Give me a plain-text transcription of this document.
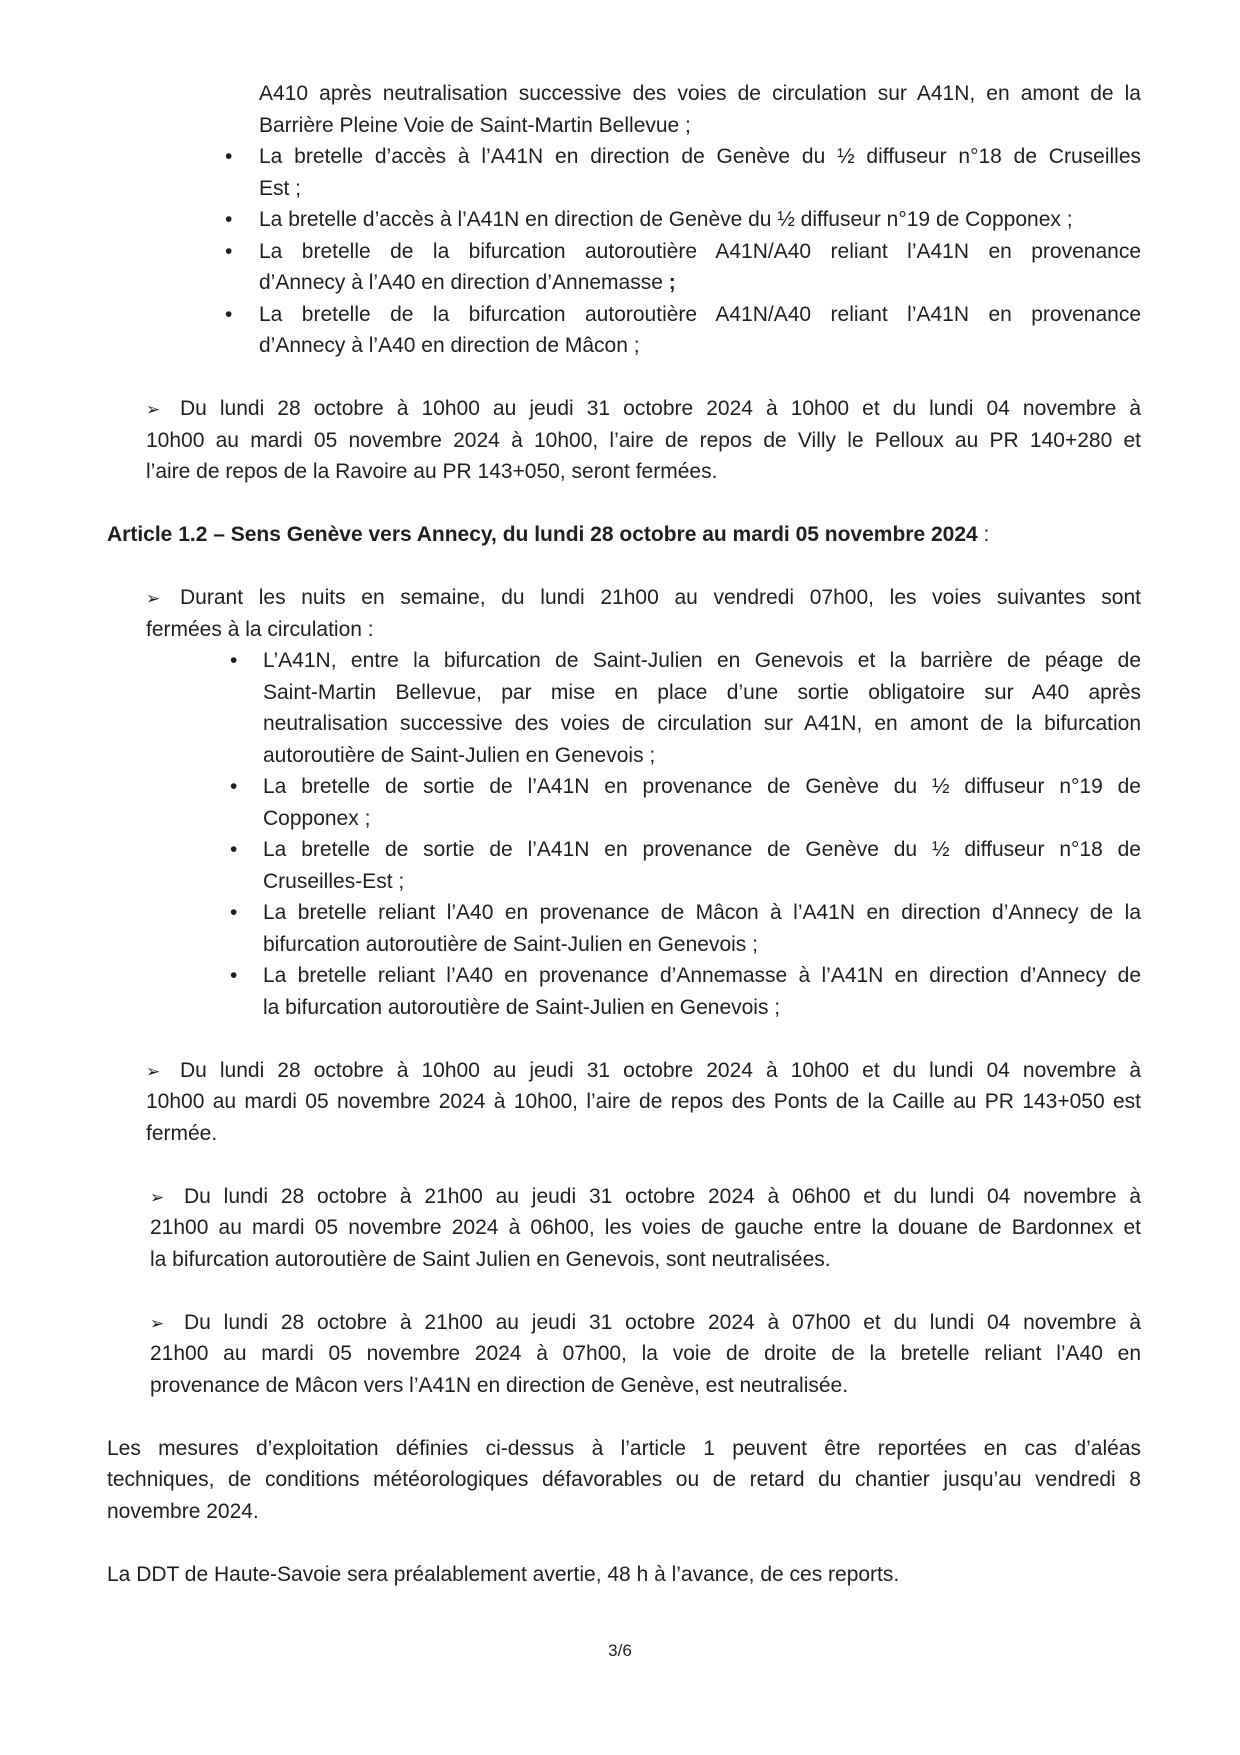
A410 après neutralisation successive des voies de circulation sur A41N, en amont de la
Barrière Pleine Voie de Saint-Martin Bellevue ;
• La bretelle d’accès à l’A41N en direction de Genève du ½ diffuseur n°18 de Cruseilles
Est ;
• La bretelle d’accès à l’A41N en direction de Genève du ½ diffuseur n°19 de Copponex ;
• La bretelle de la bifurcation autoroutière A41N/A40 reliant l’A41N en provenance
d’Annecy à l’A40 en direction d’Annemasse ;
• La bretelle de la bifurcation autoroutière A41N/A40 reliant l’A41N en provenance
d’Annecy à l’A40 en direction de Mâcon ;
➢ Du lundi 28 octobre à 10h00 au jeudi 31 octobre 2024 à 10h00 et du lundi 04 novembre à
10h00 au mardi 05 novembre 2024 à 10h00, l’aire de repos de Villy le Pelloux au PR 140+280 et
l’aire de repos de la Ravoire au PR 143+050, seront fermées.
Article 1.2 – Sens Genève vers Annecy, du lundi 28 octobre au mardi 05 novembre 2024 :
➢ Durant les nuits en semaine, du lundi 21h00 au vendredi 07h00, les voies suivantes sont
fermées à la circulation :
• L’A41N, entre la bifurcation de Saint-Julien en Genevois et la barrière de péage de
Saint-Martin Bellevue, par mise en place d’une sortie obligatoire sur A40 après
neutralisation successive des voies de circulation sur A41N, en amont de la bifurcation
autoroutière de Saint-Julien en Genevois ;
• La bretelle de sortie de l’A41N en provenance de Genève du ½ diffuseur n°19 de
Copponex ;
• La bretelle de sortie de l’A41N en provenance de Genève du ½ diffuseur n°18 de
Cruseilles-Est ;
• La bretelle reliant l’A40 en provenance de Mâcon à l’A41N en direction d’Annecy de la
bifurcation autoroutière de Saint-Julien en Genevois ;
• La bretelle reliant l’A40 en provenance d’Annemasse à l’A41N en direction d’Annecy de
la bifurcation autoroutière de Saint-Julien en Genevois ;
➢ Du lundi 28 octobre à 10h00 au jeudi 31 octobre 2024 à 10h00 et du lundi 04 novembre à
10h00 au mardi 05 novembre 2024 à 10h00, l’aire de repos des Ponts de la Caille au PR 143+050 est
fermée.
➢ Du lundi 28 octobre à 21h00 au jeudi 31 octobre 2024 à 06h00 et du lundi 04 novembre à
21h00 au mardi 05 novembre 2024 à 06h00, les voies de gauche entre la douane de Bardonnex et
la bifurcation autoroutière de Saint Julien en Genevois, sont neutralisées.
➢ Du lundi 28 octobre à 21h00 au jeudi 31 octobre 2024 à 07h00 et du lundi 04 novembre à
21h00 au mardi 05 novembre 2024 à 07h00, la voie de droite de la bretelle reliant l’A40 en
provenance de Mâcon vers l’A41N en direction de Genève, est neutralisée.
Les mesures d’exploitation définies ci-dessus à l’article 1 peuvent être reportées en cas d’aléas
techniques, de conditions météorologiques défavorables ou de retard du chantier jusqu’au vendredi 8
novembre 2024.
La DDT de Haute-Savoie sera préalablement avertie, 48 h à l’avance, de ces reports.
3/6
